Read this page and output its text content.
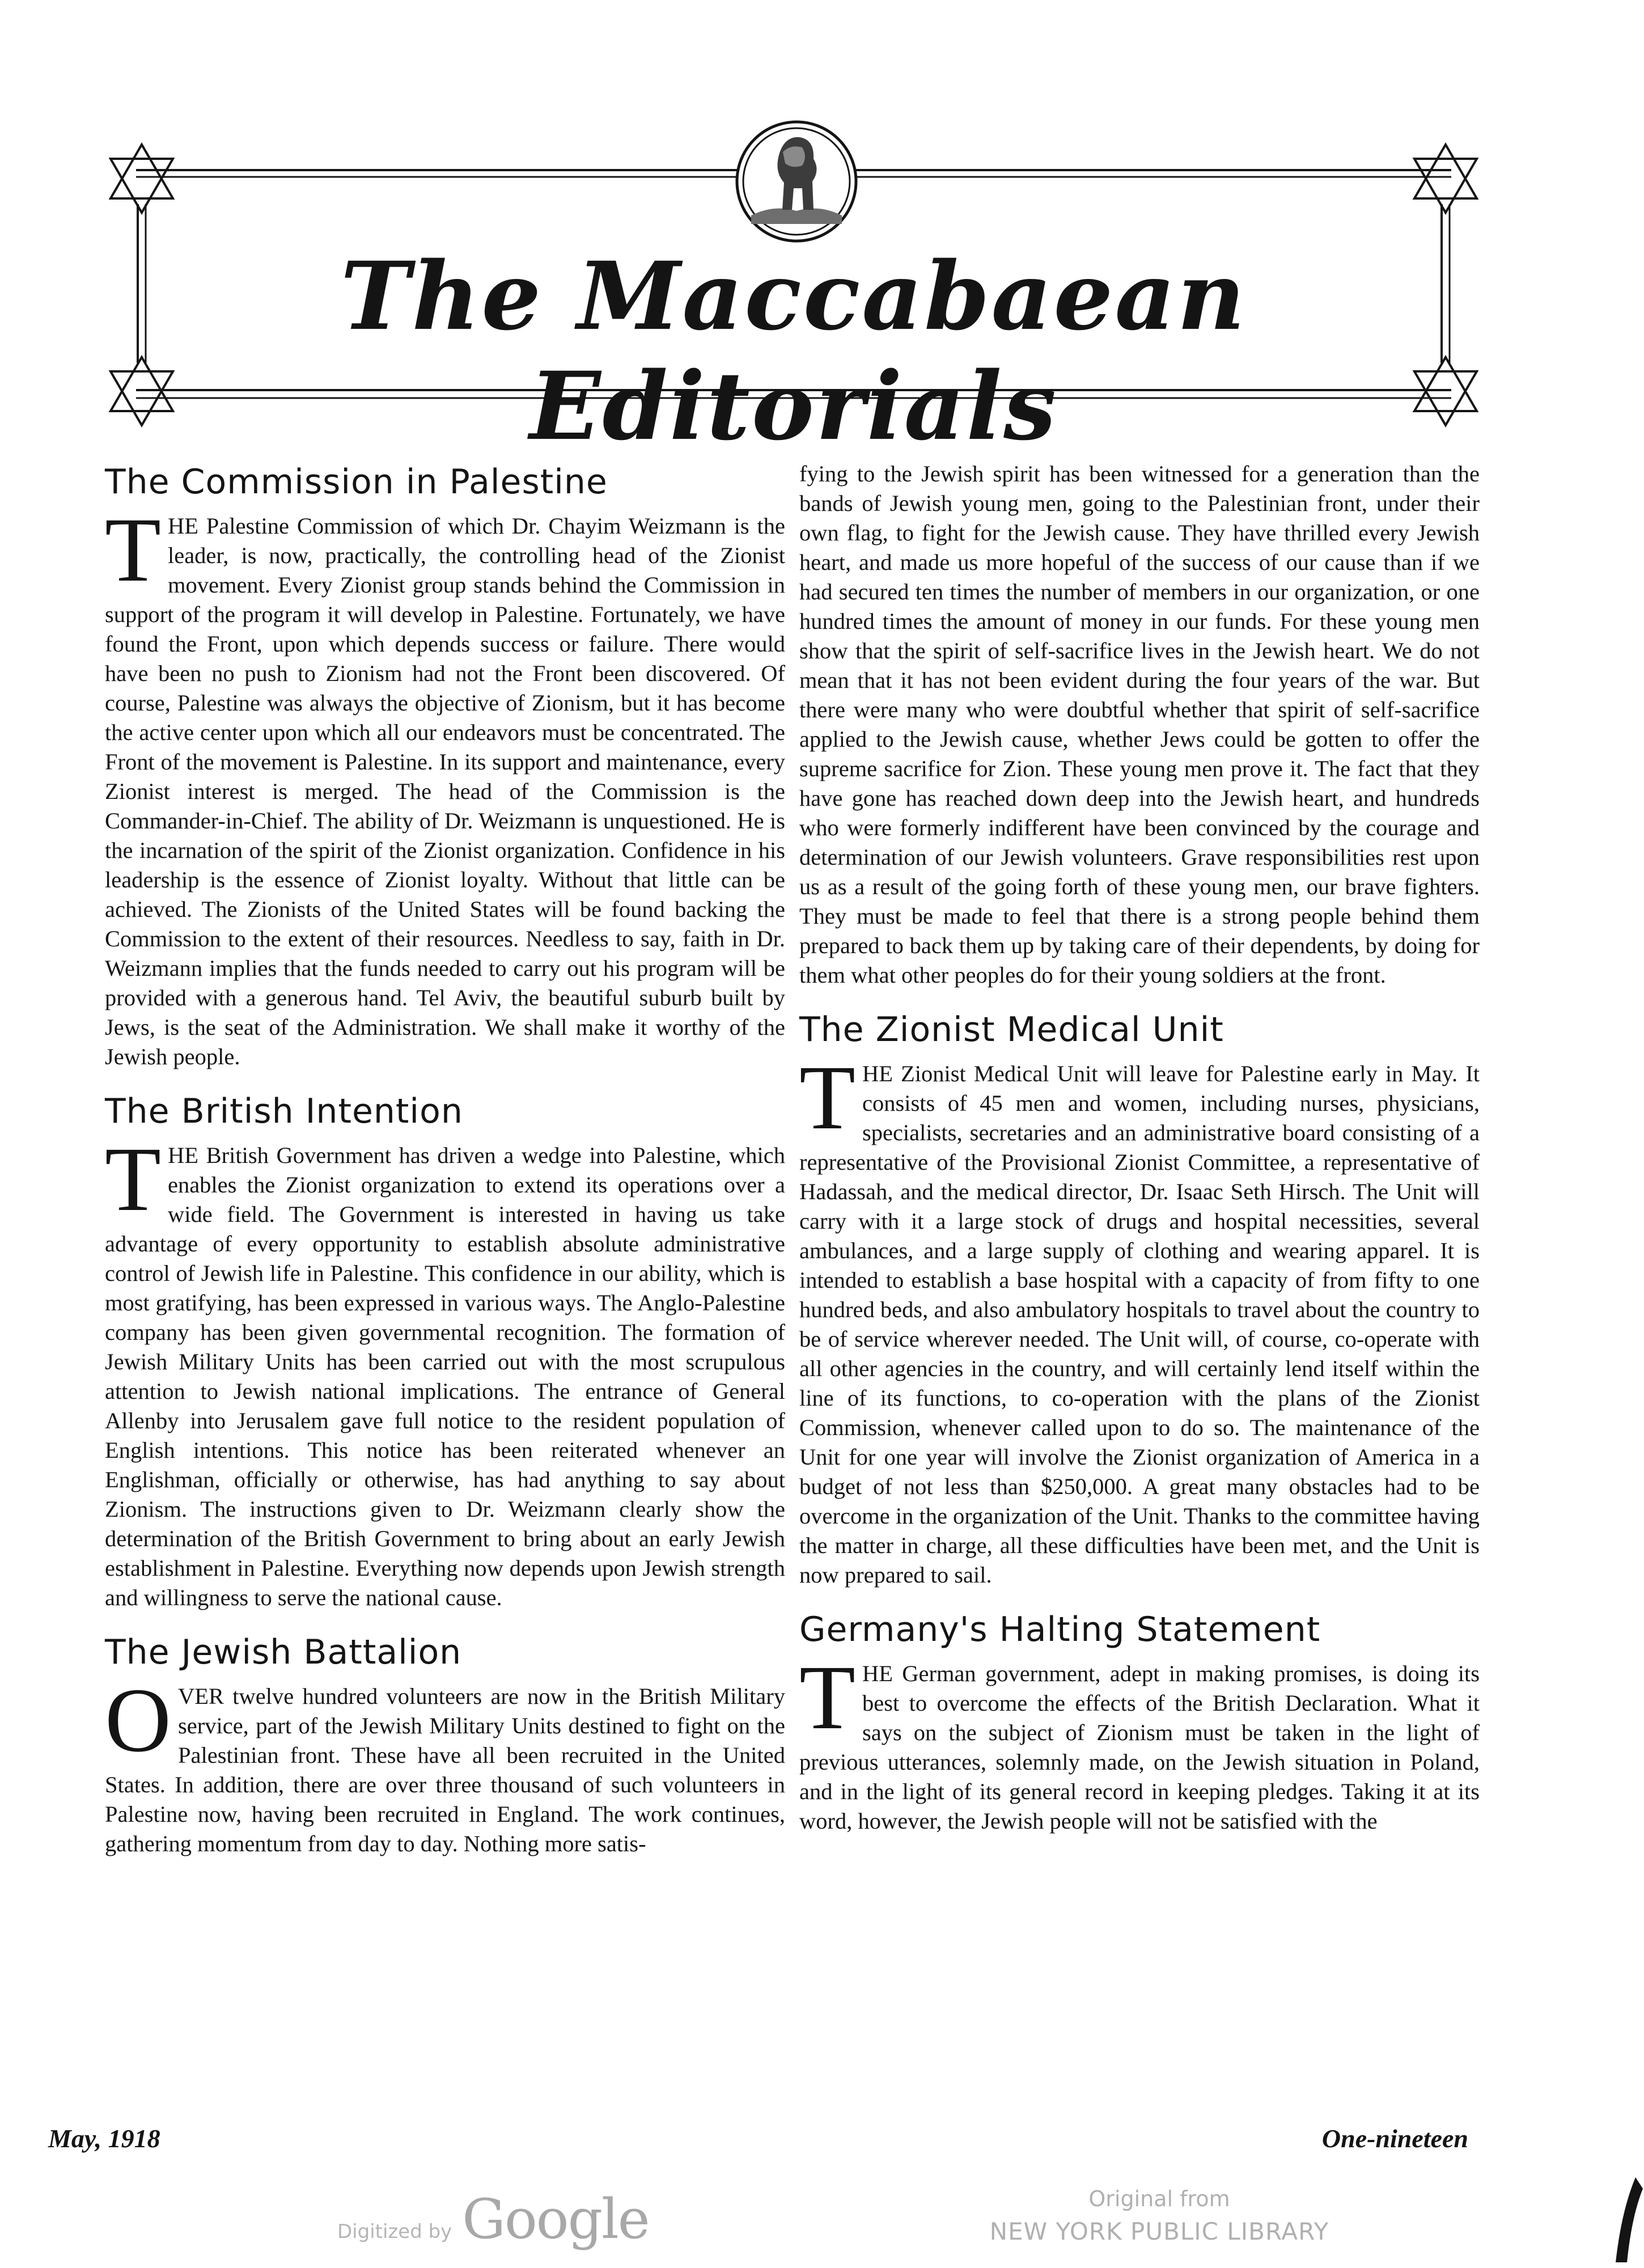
The Maccabaean Editorials
The Commission in Palestine

THE Palestine Commission of which Dr. Chayim Weizmann is the leader, is now, practically, the controlling head of the Zionist movement. Every Zionist group stands behind the Commission in support of the program it will develop in Palestine. Fortunately, we have found the Front, upon which depends success or failure. There would have been no push to Zionism had not the Front been discovered. Of course, Palestine was always the objective of Zionism, but it has become the active center upon which all our endeavors must be concentrated. The Front of the movement is Palestine. In its support and maintenance, every Zionist interest is merged. The head of the Commission is the Commander-in-Chief. The ability of Dr. Weizmann is unquestioned. He is the incarnation of the spirit of the Zionist organization. Confidence in his leadership is the essence of Zionist loyalty. Without that little can be achieved. The Zionists of the United States will be found backing the Commission to the extent of their resources. Needless to say, faith in Dr. Weizmann implies that the funds needed to carry out his program will be provided with a generous hand. Tel Aviv, the beautiful suburb built by Jews, is the seat of the Administration. We shall make it worthy of the Jewish people.

The British Intention

THE British Government has driven a wedge into Palestine, which enables the Zionist organization to extend its operations over a wide field. The Government is interested in having us take advantage of every opportunity to establish absolute administrative control of Jewish life in Palestine. This confidence in our ability, which is most gratifying, has been expressed in various ways. The Anglo-Palestine company has been given governmental recognition. The formation of Jewish Military Units has been carried out with the most scrupulous attention to Jewish national implications. The entrance of General Allenby into Jerusalem gave full notice to the resident population of English intentions. This notice has been reiterated whenever an Englishman, officially or otherwise, has had anything to say about Zionism. The instructions given to Dr. Weizmann clearly show the determination of the British Government to bring about an early Jewish establishment in Palestine. Everything now depends upon Jewish strength and willingness to serve the national cause.

The Jewish Battalion

OVER twelve hundred volunteers are now in the British Military service, part of the Jewish Military Units destined to fight on the Palestinian front. These have all been recruited in the United States. In addition, there are over three thousand of such volunteers in Palestine now, having been recruited in England. The work continues, gathering momentum from day to day. Nothing more satis-

fying to the Jewish spirit has been witnessed for a generation than the bands of Jewish young men, going to the Palestinian front, under their own flag, to fight for the Jewish cause. They have thrilled every Jewish heart, and made us more hopeful of the success of our cause than if we had secured ten times the number of members in our organization, or one hundred times the amount of money in our funds. For these young men show that the spirit of self-sacrifice lives in the Jewish heart. We do not mean that it has not been evident during the four years of the war. But there were many who were doubtful whether that spirit of self-sacrifice applied to the Jewish cause, whether Jews could be gotten to offer the supreme sacrifice for Zion. These young men prove it. The fact that they have gone has reached down deep into the Jewish heart, and hundreds who were formerly indifferent have been convinced by the courage and determination of our Jewish volunteers. Grave responsibilities rest upon us as a result of the going forth of these young men, our brave fighters. They must be made to feel that there is a strong people behind them prepared to back them up by taking care of their dependents, by doing for them what other peoples do for their young soldiers at the front.

The Zionist Medical Unit

THE Zionist Medical Unit will leave for Palestine early in May. It consists of 45 men and women, including nurses, physicians, specialists, secretaries and an administrative board consisting of a representative of the Provisional Zionist Committee, a representative of Hadassah, and the medical director, Dr. Isaac Seth Hirsch. The Unit will carry with it a large stock of drugs and hospital necessities, several ambulances, and a large supply of clothing and wearing apparel. It is intended to establish a base hospital with a capacity of from fifty to one hundred beds, and also ambulatory hospitals to travel about the country to be of service wherever needed. The Unit will, of course, co-operate with all other agencies in the country, and will certainly lend itself within the line of its functions, to co-operation with the plans of the Zionist Commission, whenever called upon to do so. The maintenance of the Unit for one year will involve the Zionist organization of America in a budget of not less than $250,000. A great many obstacles had to be overcome in the organization of the Unit. Thanks to the committee having the matter in charge, all these difficulties have been met, and the Unit is now prepared to sail.

Germany's Halting Statement

THE German government, adept in making promises, is doing its best to overcome the effects of the British Declaration. What it says on the subject of Zionism must be taken in the light of previous utterances, solemnly made, on the Jewish situation in Poland, and in the light of its general record in keeping pledges. Taking it at its word, however, the Jewish people will not be satisfied with the

May, 1918	One-nineteen
Digitized by Google	Original from
NEW YORK PUBLIC LIBRARY
